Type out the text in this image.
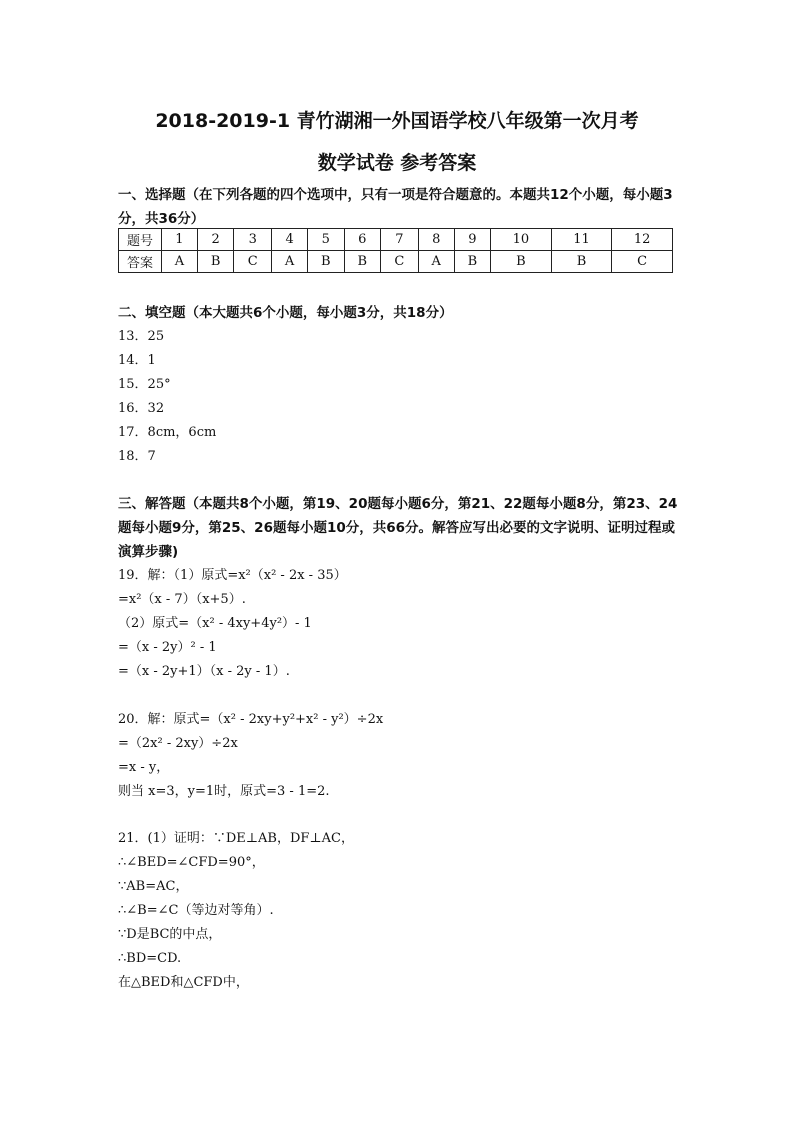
2018-2019-1 青竹湖湘一外国语学校八年级第一次月考
数学试卷 参考答案
一、选择题（在下列各题的四个选项中，只有一项是符合题意的。本题共12个小题，每小题3分，共36分）
题号	1	2	3	4	5	6	7	8	9	10	11	12
答案	A	B	C	A	B	B	C	A	B	B	B	C
二、填空题（本大题共6个小题，每小题3分，共18分）
13．25
14．1
15．25°
16．32
17．8cm，6cm
18．7
三、解答题（本题共8个小题，第19、20题每小题6分，第21、22题每小题8分，第23、24题每小题9分，第25、26题每小题10分，共66分。解答应写出必要的文字说明、证明过程或演算步骤)
19．解：（1）原式=x²（x² - 2x - 35）
=x²（x - 7）（x+5）.
（2）原式=（x² - 4xy+4y²）- 1
=（x - 2y）² - 1
=（x - 2y+1）（x - 2y - 1）.
20．解：原式=（x² - 2xy+y²+x² - y²）÷2x
=（2x² - 2xy）÷2x
=x - y，
则当 x=3，y=1时，原式=3 - 1=2.
21．(1）证明：∵DE⊥AB，DF⊥AC，
∴∠BED=∠CFD=90°，
∵AB=AC，
∴∠B=∠C（等边对等角）.
∵D是BC的中点，
∴BD=CD.
在△BED和△CFD中，
